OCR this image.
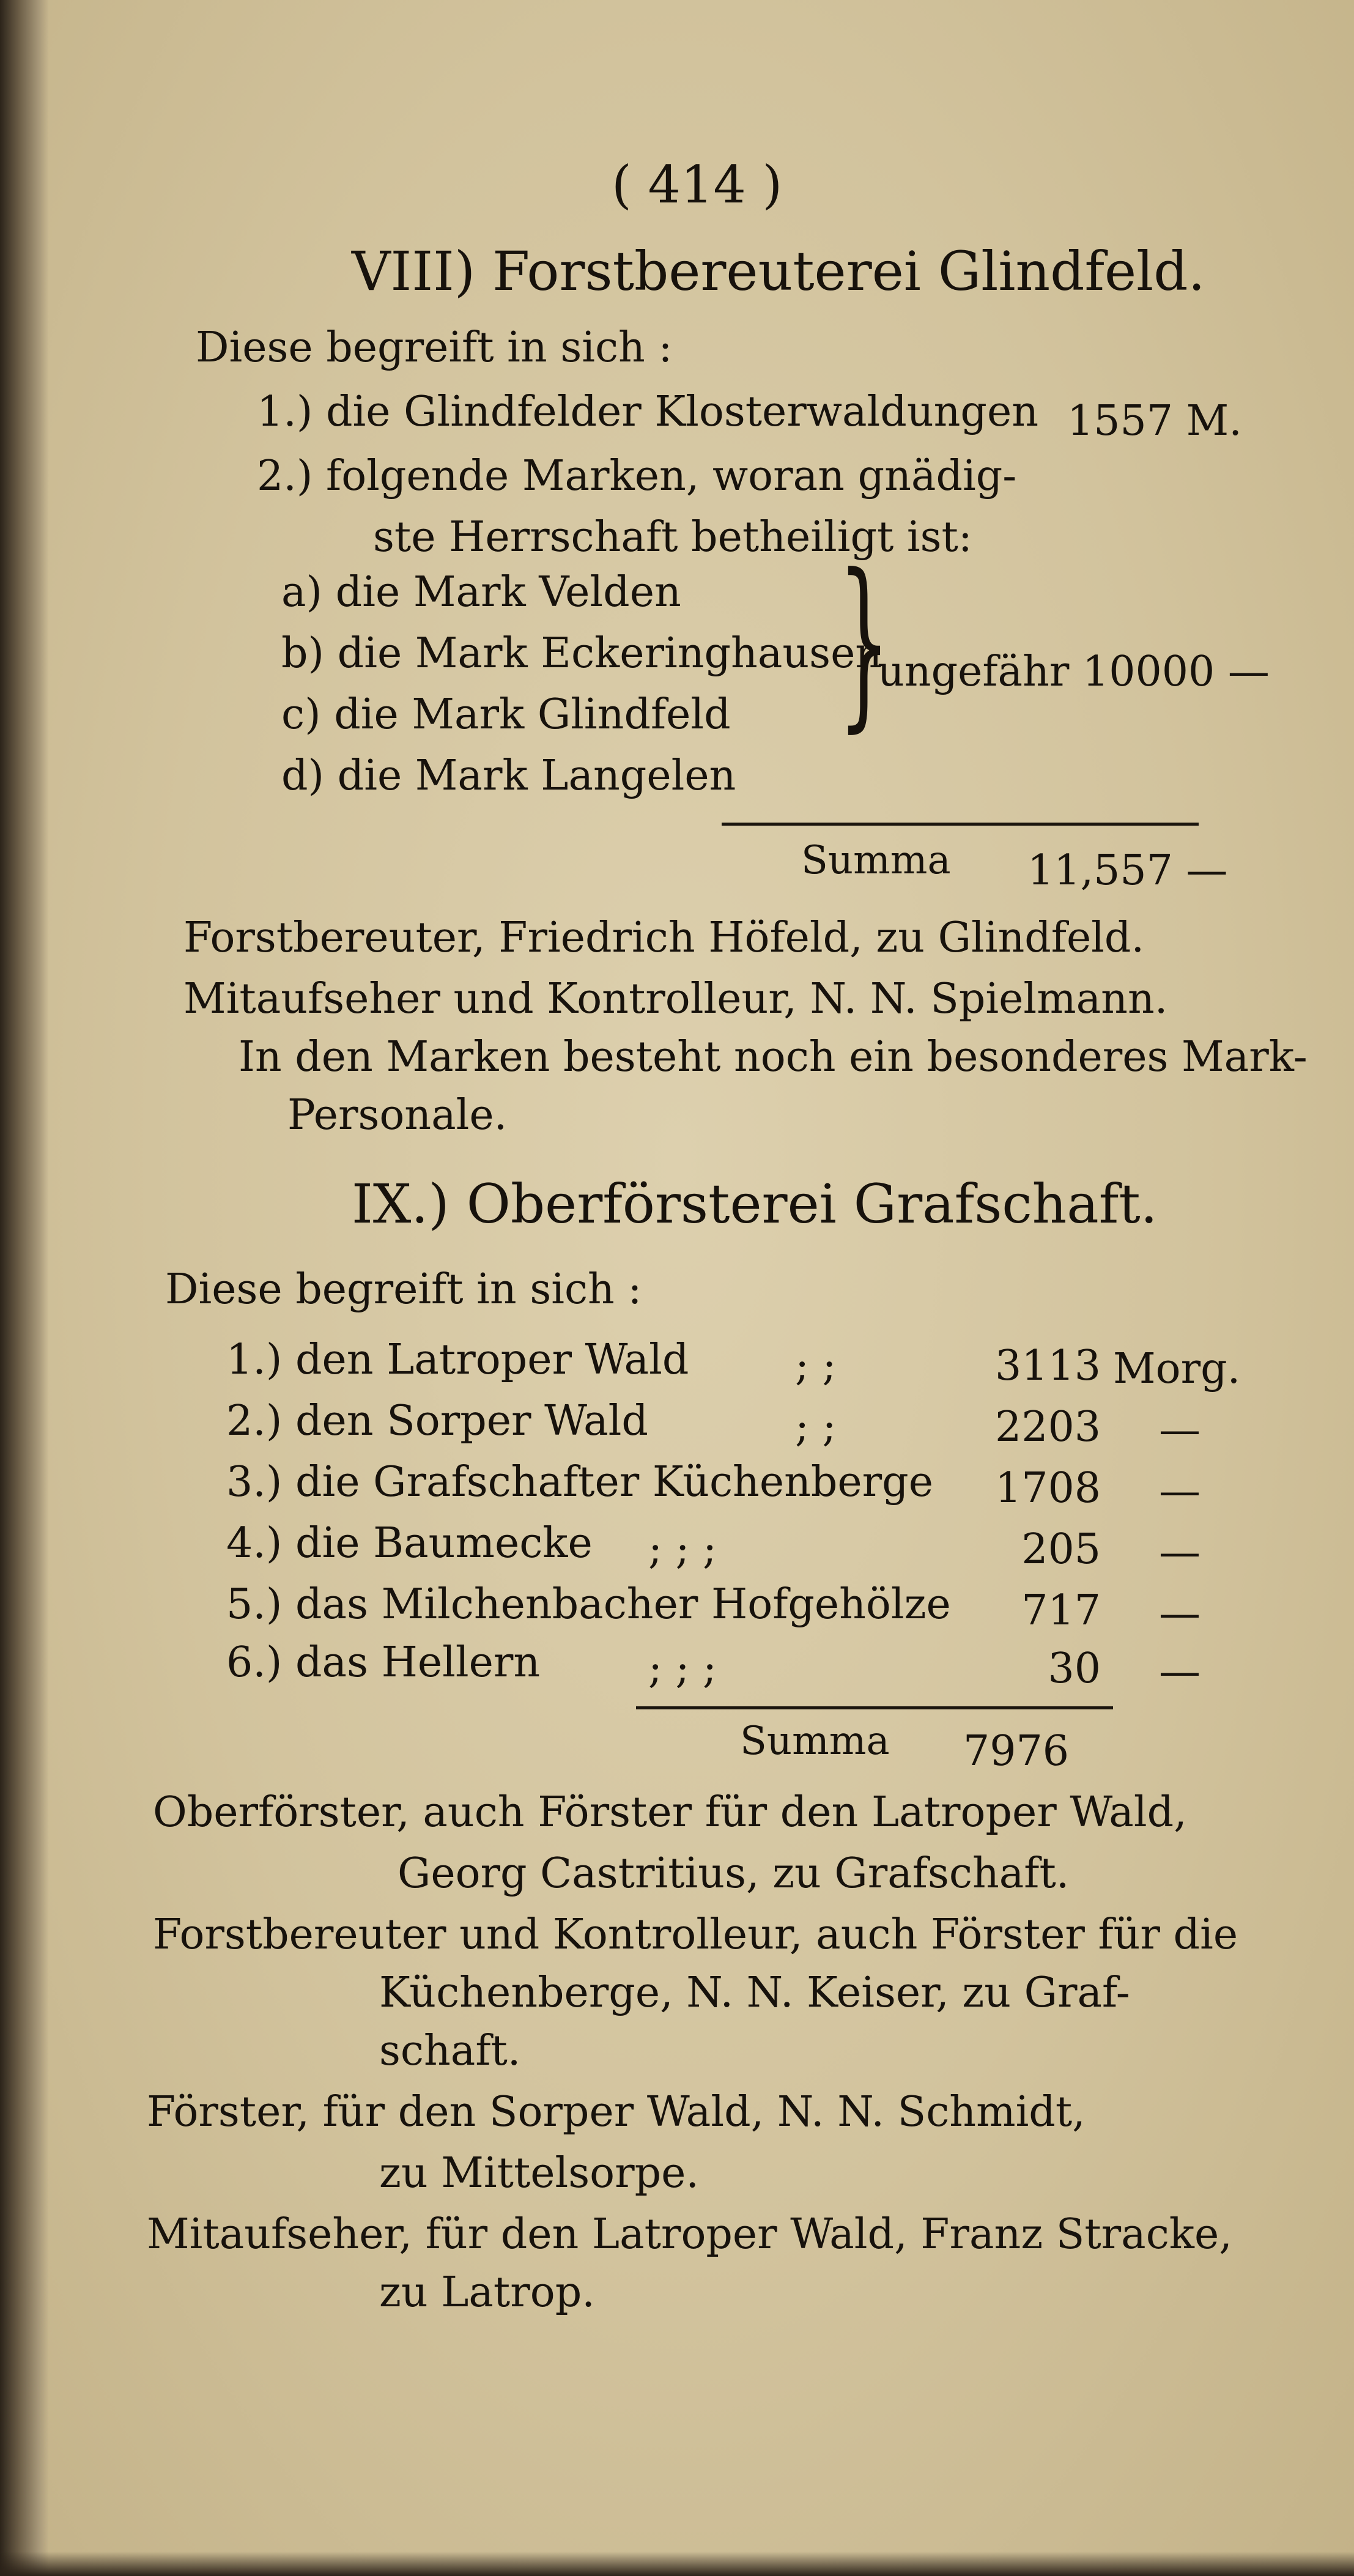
( 414 )
VIII) Forstbereuterei Glindfeld.
Diese begreift in sich :
1.) die Glindfelder Klosterwaldungen 1557 M.
2.) folgende Marken, woran gnädig-
ste Herrschaft betheiligt ist:
a) die Mark Velden
b) die Mark Eckeringhausen
c) die Mark Glindfeld
d) die Mark Langelen
}
ungefähr 10000 —
Summa 11,557 —
Forstbereuter, Friedrich Höfeld, zu Glindfeld.
Mitaufseher und Kontrolleur, N. N. Spielmann.
In den Marken besteht noch ein besonderes Mark-
Personale.
IX.) Oberförsterei Grafschaft.
Diese begreift in sich :
1.) den Latroper Wald	; ;	3113 Morg.
2.) den Sorper Wald	; ;	2203 —
3.) die Grafschafter Küchenberge	1708 —
4.) die Baumecke ; ; ;	205 —
5.) das Milchenbacher Hofgehölze	717 —
6.) das Hellern	; ; ;	30 —
Summa 7976
Oberförster, auch Förster für den Latroper Wald,
Georg Castritius, zu Grafschaft.
Forstbereuter und Kontrolleur, auch Förster für die
Küchenberge, N. N. Keiser, zu Graf-
schaft.
Förster, für den Sorper Wald, N. N. Schmidt,
zu Mittelsorpe.
Mitaufseher, für den Latroper Wald, Franz Stracke,
zu Latrop.
